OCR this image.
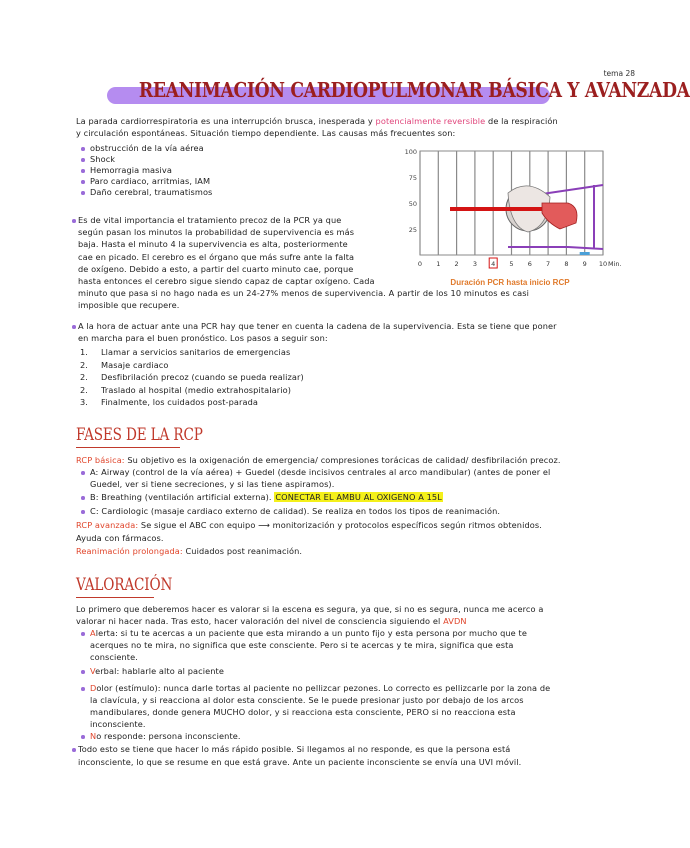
tema 28
REANIMACIÓN CARDIOPULMONAR BÁSICA Y AVANZADA
La parada cardiorrespiratoria es una interrupción brusca, inesperada y potencialmente reversible de la respiración
y circulación espontáneas. Situación tiempo dependiente. Las causas más frecuentes son:
obstrucción de la vía aérea
Shock
Hemorragia masiva
Paro cardiaco, arritmias, IAM
Daño cerebral, traumatismos
100
75
50
25
0 1 2 3 4 5 6 7 8 9 10 Min.
Duración PCR hasta inicio RCP
Es de vital importancia el tratamiento precoz de la PCR ya que
según pasan los minutos la probabilidad de supervivencia es más
baja. Hasta el minuto 4 la supervivencia es alta, posteriormente
cae en picado. El cerebro es el órgano que más sufre ante la falta
de oxígeno. Debido a esto, a partir del cuarto minuto cae, porque
hasta entonces el cerebro sigue siendo capaz de captar oxígeno. Cada
minuto que pasa si no hago nada es un 24-27% menos de supervivencia. A partir de los 10 minutos es casi
imposible que recupere.
A la hora de actuar ante una PCR hay que tener en cuenta la cadena de la supervivencia. Esta se tiene que poner
en marcha para el buen pronóstico. Los pasos a seguir son:
1. Llamar a servicios sanitarios de emergencias
2. Masaje cardiaco
2. Desfibrilación precoz (cuando se pueda realizar)
2. Traslado al hospital (medio extrahospitalario)
3. Finalmente, los cuidados post-parada
FASES DE LA RCP
RCP básica: Su objetivo es la oxigenación de emergencia/ compresiones torácicas de calidad/ desfibrilación precoz.
A: Airway (control de la vía aérea) + Guedel (desde incisivos centrales al arco mandibular) (antes de poner el
Guedel, ver si tiene secreciones, y si las tiene aspiramos).
B: Breathing (ventilación artificial externa). CONECTAR EL AMBU AL OXIGENO A 15L
C: Cardiologic (masaje cardiaco externo de calidad). Se realiza en todos los tipos de reanimación.
RCP avanzada: Se sigue el ABC con equipo ⟶ monitorización y protocolos específicos según ritmos obtenidos.
Ayuda con fármacos.
Reanimación prolongada: Cuidados post reanimación.
VALORACIÓN
Lo primero que deberemos hacer es valorar si la escena es segura, ya que, si no es segura, nunca me acerco a
valorar ni hacer nada. Tras esto, hacer valoración del nivel de consciencia siguiendo el AVDN
Alerta: si tu te acercas a un paciente que esta mirando a un punto fijo y esta persona por mucho que te
acerques no te mira, no significa que este consciente. Pero si te acercas y te mira, significa que esta
consciente.
Verbal: hablarle alto al paciente
Dolor (estímulo): nunca darle tortas al paciente no pellizcar pezones. Lo correcto es pellizcarle por la zona de
la clavícula, y si reacciona al dolor esta consciente. Se le puede presionar justo por debajo de los arcos
mandibulares, donde genera MUCHO dolor, y si reacciona esta consciente, PERO si no reacciona esta
inconsciente.
No responde: persona inconsciente.
Todo esto se tiene que hacer lo más rápido posible. Si llegamos al no responde, es que la persona está
inconsciente, lo que se resume en que está grave. Ante un paciente inconsciente se envía una UVI móvil.
